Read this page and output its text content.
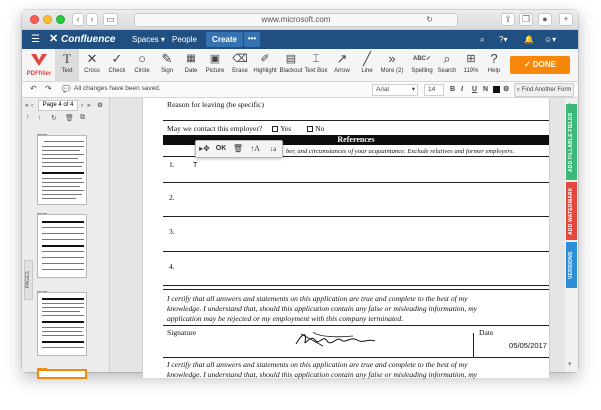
‹	›	▭	www.microsoft.com	↻	⇪	❐	●	+
☰ ✕ Confluence Spaces ▾ People	Create	•••	⌕ ?▾ 🔔 ☺▾
PDFfiller
T
Text
✕
Cross
✓
Check
○
Circle
✎
Sign
▦
Date
▣
Picture
⌫
Erase
✐
Highlight
▤
Blackout
⌶
Text Box
↗
Arrow
╱
Line
»
More (2)
ABC✓
Spelling
⌕
Search
⊞
119%
?
Help
✓ DONE
↶ ↷ 💬 All changes have been saved.	Arial	▾	14	B I U N ⚙	⌕ Find Another Form
« ‹	Page 4 of 4	› » ⚙
↑ ↓ ↻ 🗑 ⧉
PAGES
Reason for leaving (be specific)
May we contact this employer? Yes	No
References
ber, and circumstances of your acquaintance. Exclude relatives and former employers.
1.	T
2.
3.
4.
I certify that all answers and statements on this application are true and complete to the best of my
knowledge. I understand that, should this application contain any false or misleading information, my
application may be rejected or my employment with this company terminated.
Signature	Date
05/05/2017
I certify that all answers and statements on this application are true and complete to the best of my
knowledge. I understand that, should this application contain any false or misleading information, my
▸✥ OK 🗑 ↑A	↓a	ADD FILLABLE FIELDS
ADD WATERMARK
VERSIONS
▾
